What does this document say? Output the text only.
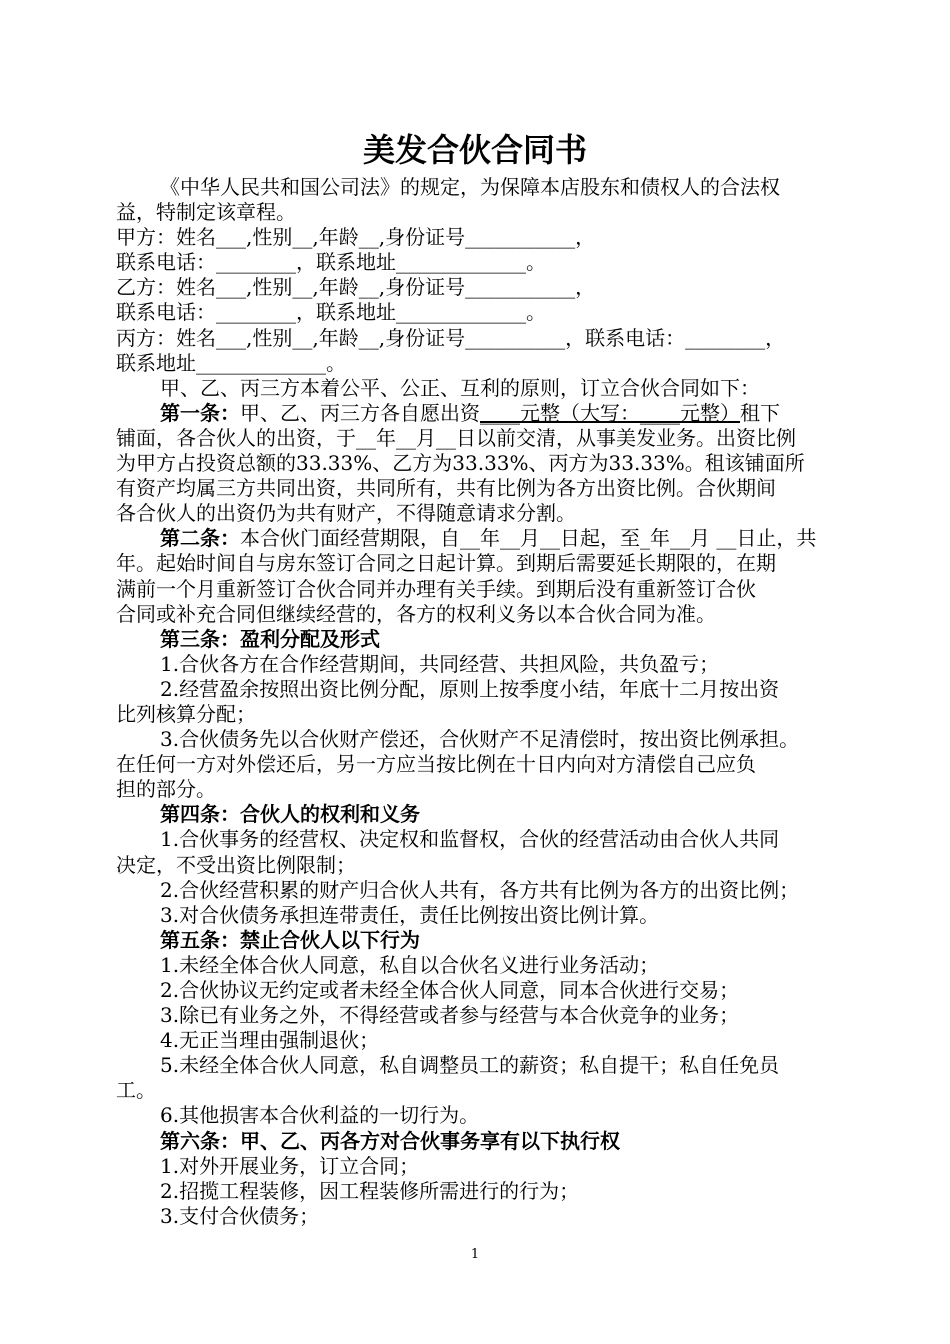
美发合伙合同书
《中华人民共和国公司法》的规定，为保障本店股东和债权人的合法权
益，特制定该章程。
甲方：姓名___,性别__,年龄__,身份证号___________，
联系电话：________，联系地址_____________。
乙方：姓名___,性别__,年龄__,身份证号___________，
联系电话：________，联系地址_____________。
丙方：姓名___,性别__,年龄__,身份证号__________，联系电话：________，
联系地址_____________。
甲、乙、丙三方本着公平、公正、互利的原则，订立合伙合同如下：
第一条：甲、乙、丙三方各自愿出资____元整（大写：____元整）租下
铺面，各合伙人的出资，于__年__月__日以前交清，从事美发业务。出资比例
为甲方占投资总额的33.33%、乙方为33.33%、丙方为33.33%。租该铺面所
有资产均属三方共同出资，共同所有，共有比例为各方出资比例。合伙期间
各合伙人的出资仍为共有财产，不得随意请求分割。
第二条：本合伙门面经营期限，自__年__月__日起，至_年__月 __日止，共
年。起始时间自与房东签订合同之日起计算。到期后需要延长期限的，在期
满前一个月重新签订合伙合同并办理有关手续。到期后没有重新签订合伙
合同或补充合同但继续经营的，各方的权利义务以本合伙合同为准。
第三条：盈利分配及形式
1.合伙各方在合作经营期间，共同经营、共担风险，共负盈亏；
2.经营盈余按照出资比例分配，原则上按季度小结，年底十二月按出资
比列核算分配；
3.合伙债务先以合伙财产偿还，合伙财产不足清偿时，按出资比例承担。
在任何一方对外偿还后，另一方应当按比例在十日内向对方清偿自己应负
担的部分。
第四条：合伙人的权利和义务
1.合伙事务的经营权、决定权和监督权，合伙的经营活动由合伙人共同
决定，不受出资比例限制；
2.合伙经营积累的财产归合伙人共有，各方共有比例为各方的出资比例；
3.对合伙债务承担连带责任，责任比例按出资比例计算。
第五条：禁止合伙人以下行为
1.未经全体合伙人同意，私自以合伙名义进行业务活动；
2.合伙协议无约定或者未经全体合伙人同意，同本合伙进行交易；
3.除已有业务之外，不得经营或者参与经营与本合伙竞争的业务；
4.无正当理由强制退伙；
5.未经全体合伙人同意，私自调整员工的薪资；私自提干；私自任免员
工。
6.其他损害本合伙利益的一切行为。
第六条：甲、乙、丙各方对合伙事务享有以下执行权
1.对外开展业务，订立合同；
2.招揽工程装修，因工程装修所需进行的行为；
3.支付合伙债务；
1
